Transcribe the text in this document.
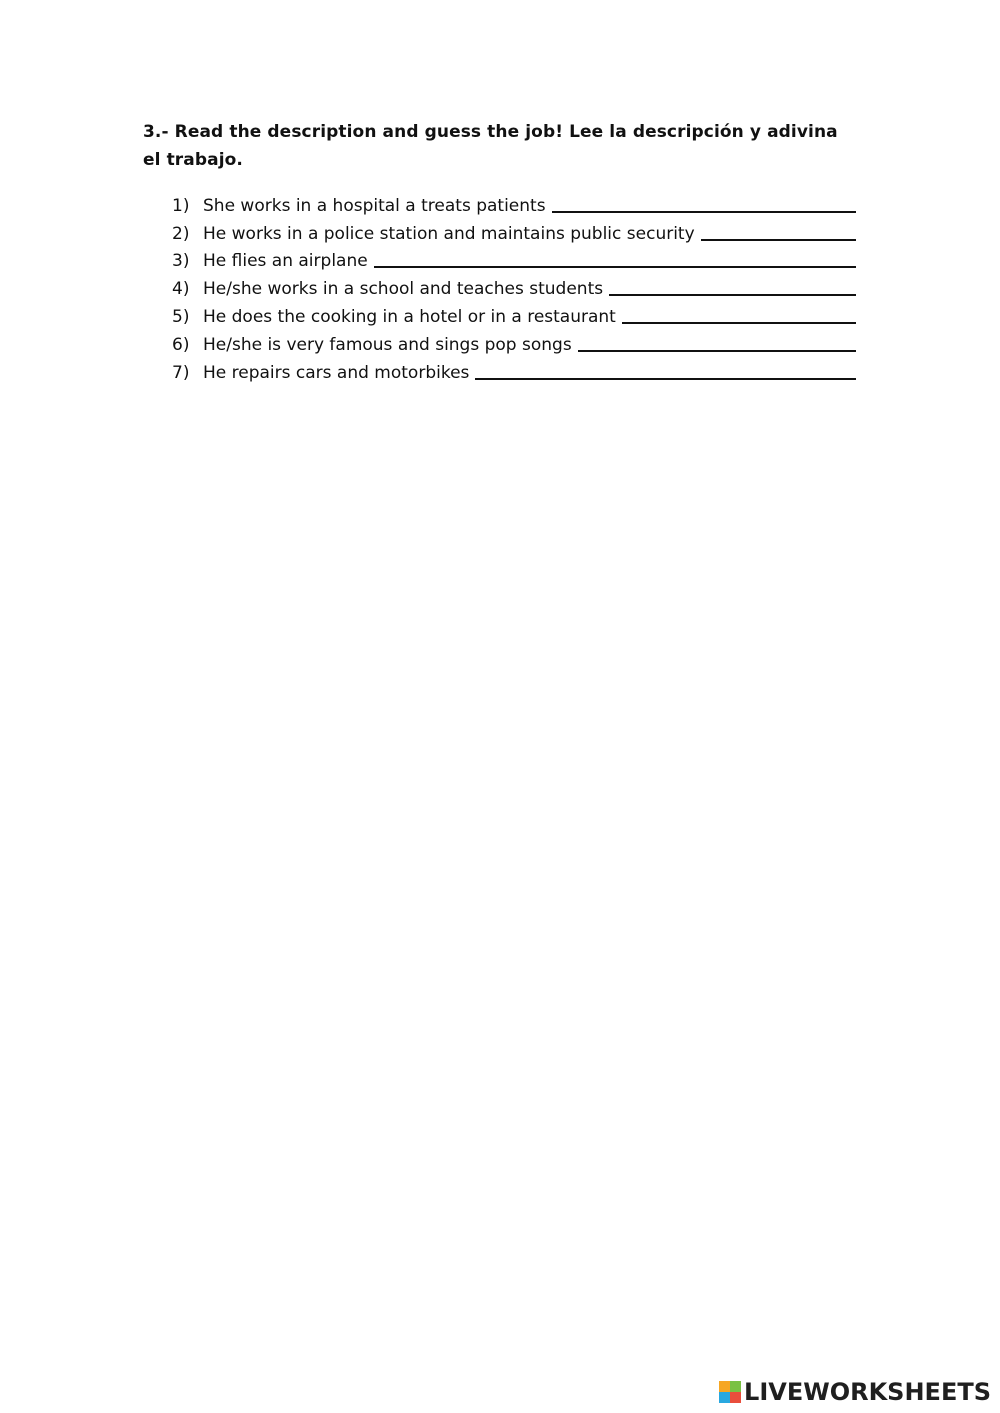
3.- Read the description and guess the job! Lee la descripción y adivina el trabajo.
1) She works in a hospital a treats patients
2) He works in a police station and maintains public security
3) He flies an airplane
4) He/she works in a school and teaches students
5) He does the cooking in a hotel or in a restaurant
6) He/she is very famous and sings pop songs
7) He repairs cars and motorbikes
LIVEWORKSHEETS
